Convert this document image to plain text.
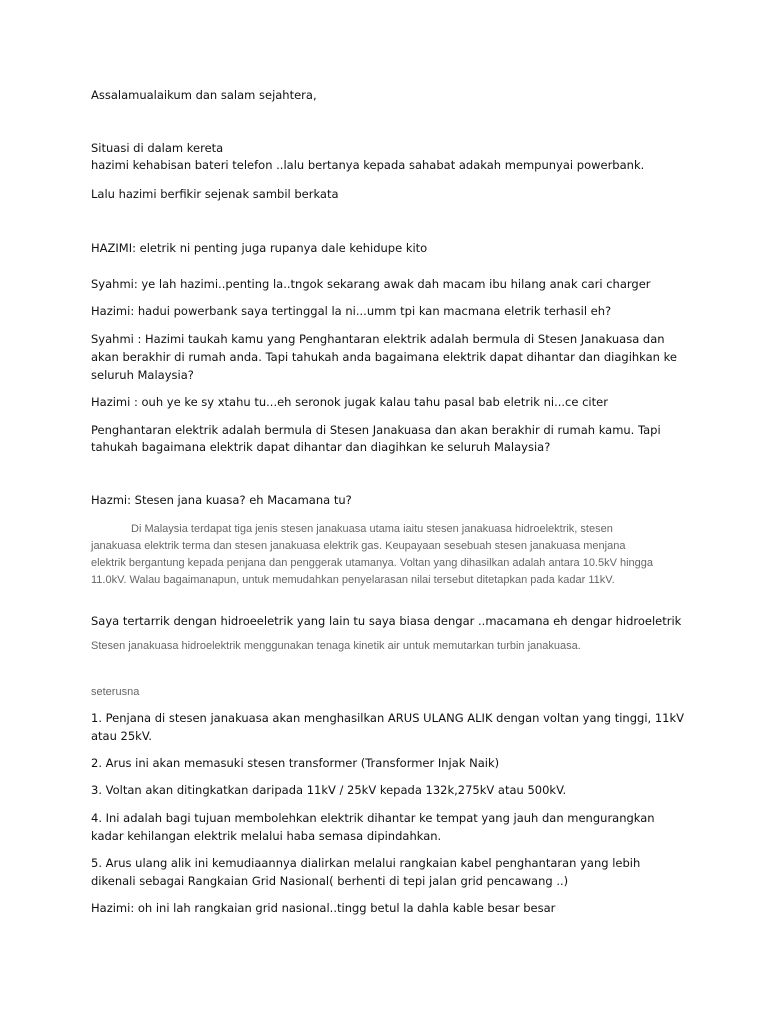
Assalamualaikum dan salam sejahtera,

Situasi di dalam kereta

hazimi kehabisan bateri telefon ..lalu bertanya kepada sahabat adakah mempunyai powerbank.

Lalu hazimi berfikir sejenak sambil berkata

HAZIMI: eletrik ni penting juga rupanya dale kehidupe kito

Syahmi: ye lah hazimi..penting la..tngok sekarang awak dah macam ibu hilang anak cari charger

Hazimi: hadui powerbank saya tertinggal la ni...umm tpi kan macmana eletrik terhasil eh?

Syahmi : Hazimi taukah kamu yang Penghantaran elektrik adalah bermula di Stesen Janakuasa dan

akan berakhir di rumah anda. Tapi tahukah anda bagaimana elektrik dapat dihantar dan diagihkan ke

seluruh Malaysia?

Hazimi : ouh ye ke sy xtahu tu...eh seronok jugak kalau tahu pasal bab eletrik ni...ce citer

Penghantaran elektrik adalah bermula di Stesen Janakuasa dan akan berakhir di rumah kamu. Tapi

tahukah bagaimana elektrik dapat dihantar dan diagihkan ke seluruh Malaysia?

Hazmi: Stesen jana kuasa? eh Macamana tu?

Di Malaysia terdapat tiga jenis stesen janakuasa utama iaitu stesen janakuasa hidroelektrik, stesen

janakuasa elektrik terma dan stesen janakuasa elektrik gas. Keupayaan sesebuah stesen janakuasa menjana

elektrik bergantung kepada penjana dan penggerak utamanya. Voltan yang dihasilkan adalah antara 10.5kV hingga

11.0kV. Walau bagaimanapun, untuk memudahkan penyelarasan nilai tersebut ditetapkan pada kadar 11kV.

Saya tertarrik dengan hidroeeletrik yang lain tu saya biasa dengar ..macamana eh dengar hidroeletrik

Stesen janakuasa hidroelektrik menggunakan tenaga kinetik air untuk memutarkan turbin janakuasa.

seterusna

1. Penjana di stesen janakuasa akan menghasilkan ARUS ULANG ALIK dengan voltan yang tinggi, 11kV

atau 25kV.

2. Arus ini akan memasuki stesen transformer (Transformer Injak Naik)

3. Voltan akan ditingkatkan daripada 11kV / 25kV kepada 132k,275kV atau 500kV.

4. Ini adalah bagi tujuan membolehkan elektrik dihantar ke tempat yang jauh dan mengurangkan

kadar kehilangan elektrik melalui haba semasa dipindahkan.

5. Arus ulang alik ini kemudiaannya dialirkan melalui rangkaian kabel penghantaran yang lebih

dikenali sebagai Rangkaian Grid Nasional( berhenti di tepi jalan grid pencawang ..)

Hazimi: oh ini lah rangkaian grid nasional..tingg betul la dahla kable besar besar
